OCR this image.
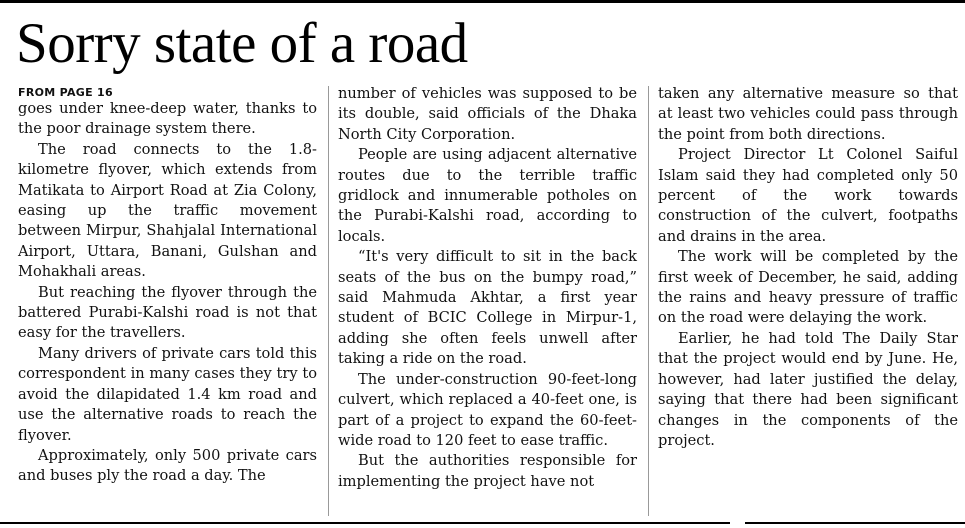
Sorry state of a road

FROM PAGE 16

goes under knee-deep water, thanks to the poor drainage system there.

The road connects to the 1.8-kilometre flyover, which extends from Matikata to Airport Road at Zia Colony, easing up the traffic movement between Mirpur, Shahjalal International Airport, Uttara, Banani, Gulshan and Mohakhali areas.

But reaching the flyover through the battered Purabi-Kalshi road is not that easy for the travellers.

Many drivers of private cars told this correspondent in many cases they try to avoid the dilapidated 1.4 km road and use the alternative roads to reach the flyover.

Approximately, only 500 private cars and buses ply the road a day. The

number of vehicles was supposed to be its double, said officials of the Dhaka North City Corporation.

People are using adjacent alternative routes due to the terrible traffic gridlock and innumerable potholes on the Purabi-Kalshi road, according to locals.

“It's very difficult to sit in the back seats of the bus on the bumpy road,” said Mahmuda Akhtar, a first year student of BCIC College in Mirpur-1, adding she often feels unwell after taking a ride on the road.

The under-construction 90-feet-long culvert, which replaced a 40-feet one, is part of a project to expand the 60-feet-wide road to 120 feet to ease traffic.

But the authorities responsible for implementing the project have not

taken any alternative measure so that at least two vehicles could pass through the point from both directions.

Project Director Lt Colonel Saiful Islam said they had completed only 50 percent of the work towards construction of the culvert, footpaths and drains in the area.

The work will be completed by the first week of December, he said, adding the rains and heavy pressure of traffic on the road were delaying the work.

Earlier, he had told The Daily Star that the project would end by June. He, however, had later justified the delay, saying that there had been significant changes in the components of the project.
